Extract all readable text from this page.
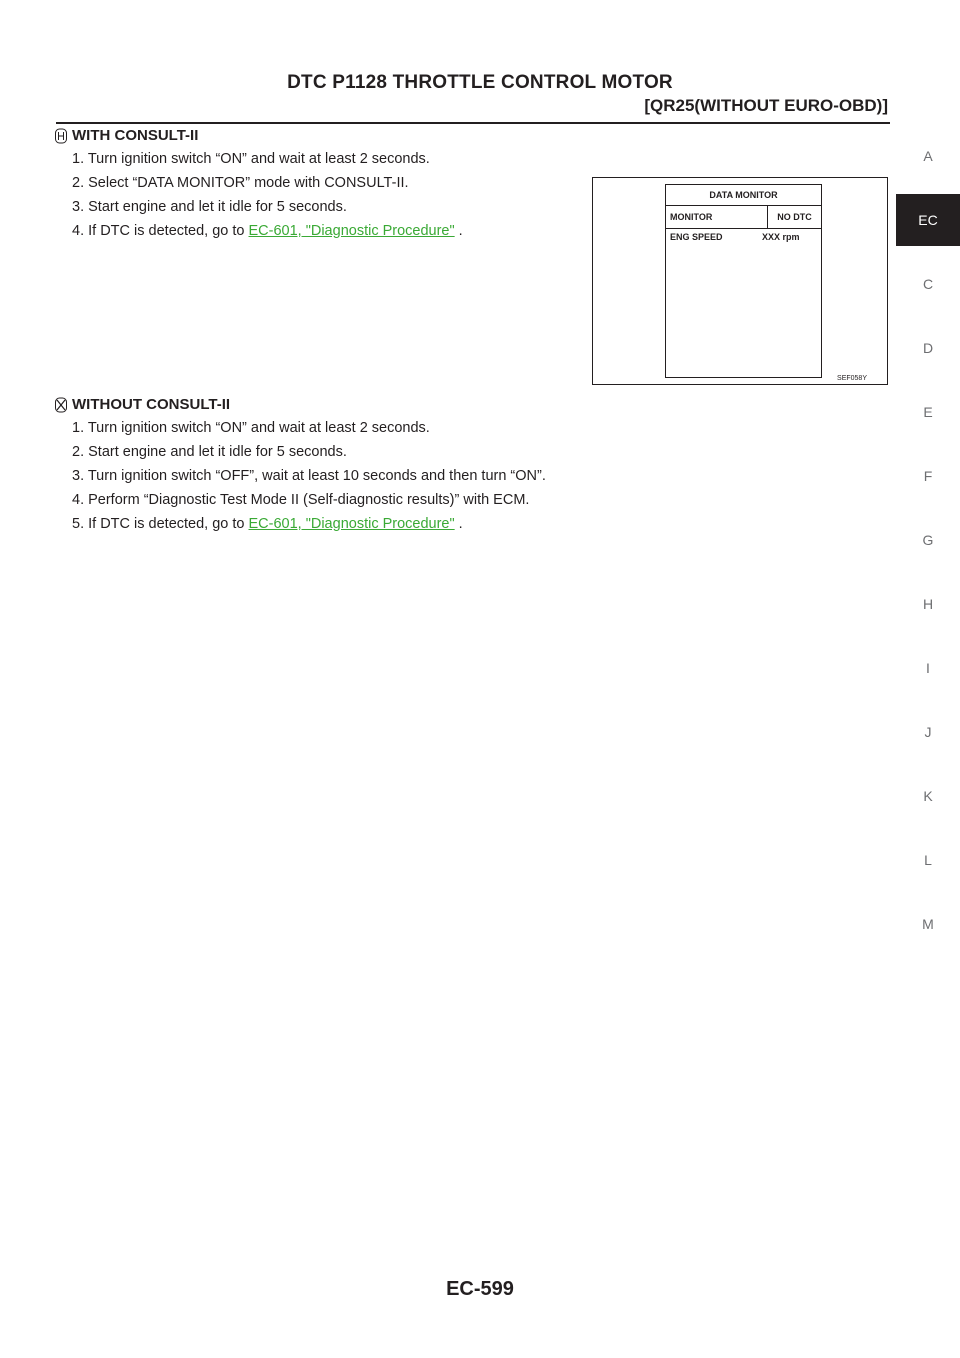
DTC P1128 THROTTLE CONTROL MOTOR
[QR25(WITHOUT EURO-OBD)]
WITH CONSULT-II
1. Turn ignition switch “ON” and wait at least 2 seconds.
2. Select “DATA MONITOR” mode with CONSULT-II.
3. Start engine and let it idle for 5 seconds.
4. If DTC is detected, go to EC-601, "Diagnostic Procedure" .
DATA MONITOR
MONITOR	NO DTC
ENG SPEED	XXX rpm
SEF058Y
WITHOUT CONSULT-II
1. Turn ignition switch “ON” and wait at least 2 seconds.
2. Start engine and let it idle for 5 seconds.
3. Turn ignition switch “OFF”, wait at least 10 seconds and then turn “ON”.
4. Perform “Diagnostic Test Mode II (Self-diagnostic results)” with ECM.
5. If DTC is detected, go to EC-601, "Diagnostic Procedure" .
A
EC
C
D
E
F
G
H
I
J
K
L
M
EC-599
